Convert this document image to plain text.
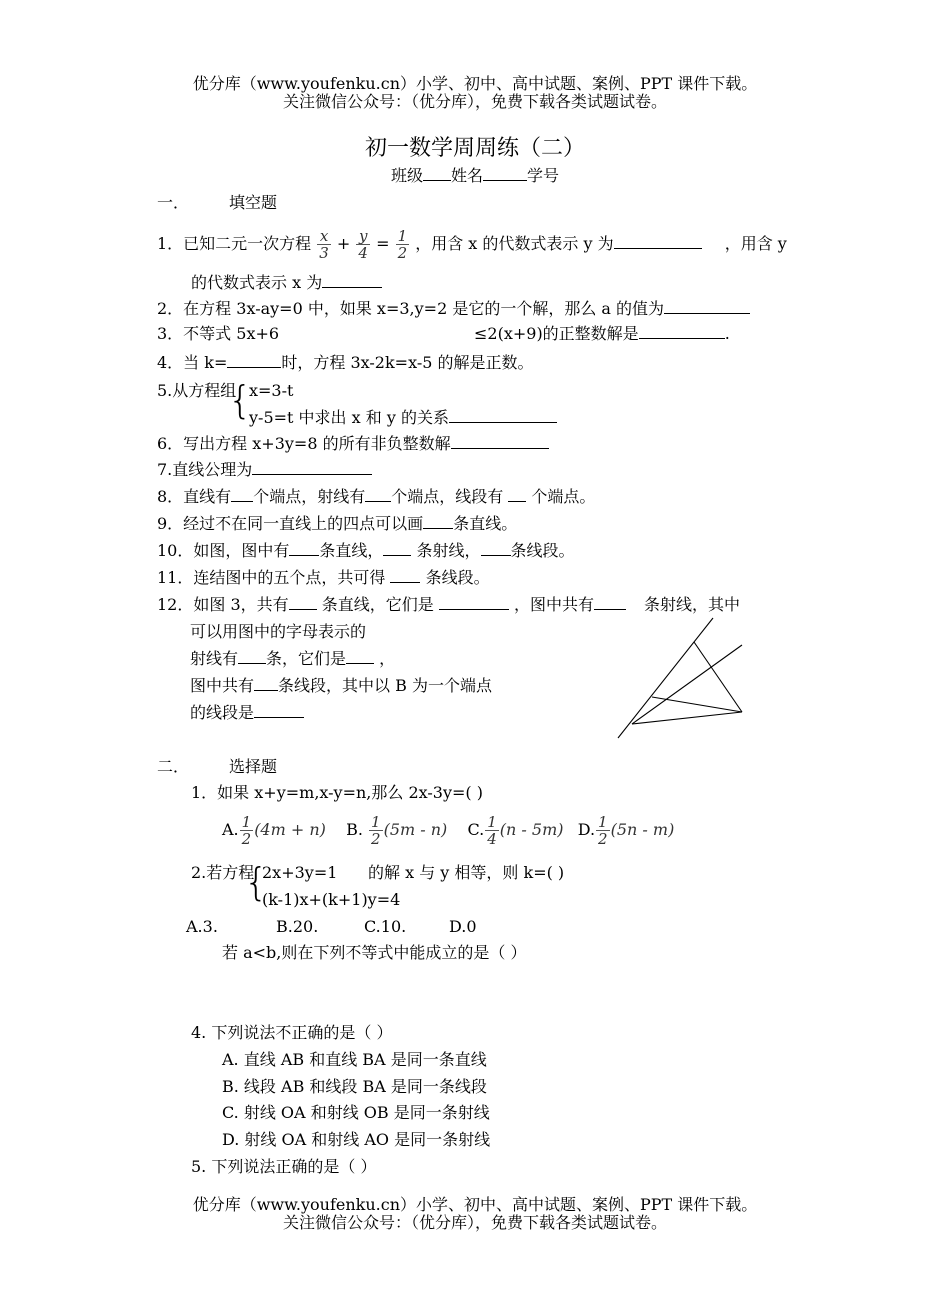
优分库（www.youfenku.cn）小学、初中、高中试题、案例、PPT 课件下载。
关注微信公众号：（优分库），免费下载各类试题试卷。
初一数学周周练（二）
班级 姓名	学号
一．	填空题
1．已知二元一次方程 $\frac{x}{3} + \frac{y}{4} = \frac{1}{2}$ ，用含 x 的代数式表示 y 为	，用含 y
的代数式表示 x 为
2．在方程 3x-ay=0 中，如果 x=3,y=2 是它的一个解，那么 a 的值为
3．不等式 5x+6	≤2(x+9)的正整数解是	.
4．当 k=	时，方程 3x-2k=x-5 的解是正数。
5.从方程组
{
x=3-t
y-5=t 中求出 x 和 y 的关系
6．写出方程 x+3y=8 的所有非负整数解
7.直线公理为
8．直线有 个端点，射线有 个端点，线段有 个端点。
9．经过不在同一直线上的四点可以画 条直线。
10．如图，图中有 条直线， 条射线， 条线段。
11．连结图中的五个点，共可得	条线段。
12．如图 3，共有 条直线，它们是	，图中共有	条射线，其中
可以用图中的字母表示的
射线有 条，它们是 ，
图中共有 条线段，其中以 B 为一个端点
的线段是
二．	选择题
1．如果 x+y=m,x-y=n,那么 2x-3y=( )
A. $\frac{1}{2} (4m + n)$ B. $\frac{1}{2} (5m - n)$ C. $\frac{1}{4} (n - 5m)$ D. $\frac{1}{2} (5n - m)$
2.若方程
{
2x+3y=1 的解 x 与 y 相等，则 k=( )
(k-1)x+(k+1)y=4
A.3.	B.20.	C.10.	D.0
若 a<b,则在下列不等式中能成立的是（ ）
4. 下列说法不正确的是（ ）
A. 直线 AB 和直线 BA 是同一条直线
B. 线段 AB 和线段 BA 是同一条线段
C. 射线 OA 和射线 OB 是同一条射线
D. 射线 OA 和射线 AO 是同一条射线
5. 下列说法正确的是（ ）
优分库（www.youfenku.cn）小学、初中、高中试题、案例、PPT 课件下载。
关注微信公众号：（优分库），免费下载各类试题试卷。
